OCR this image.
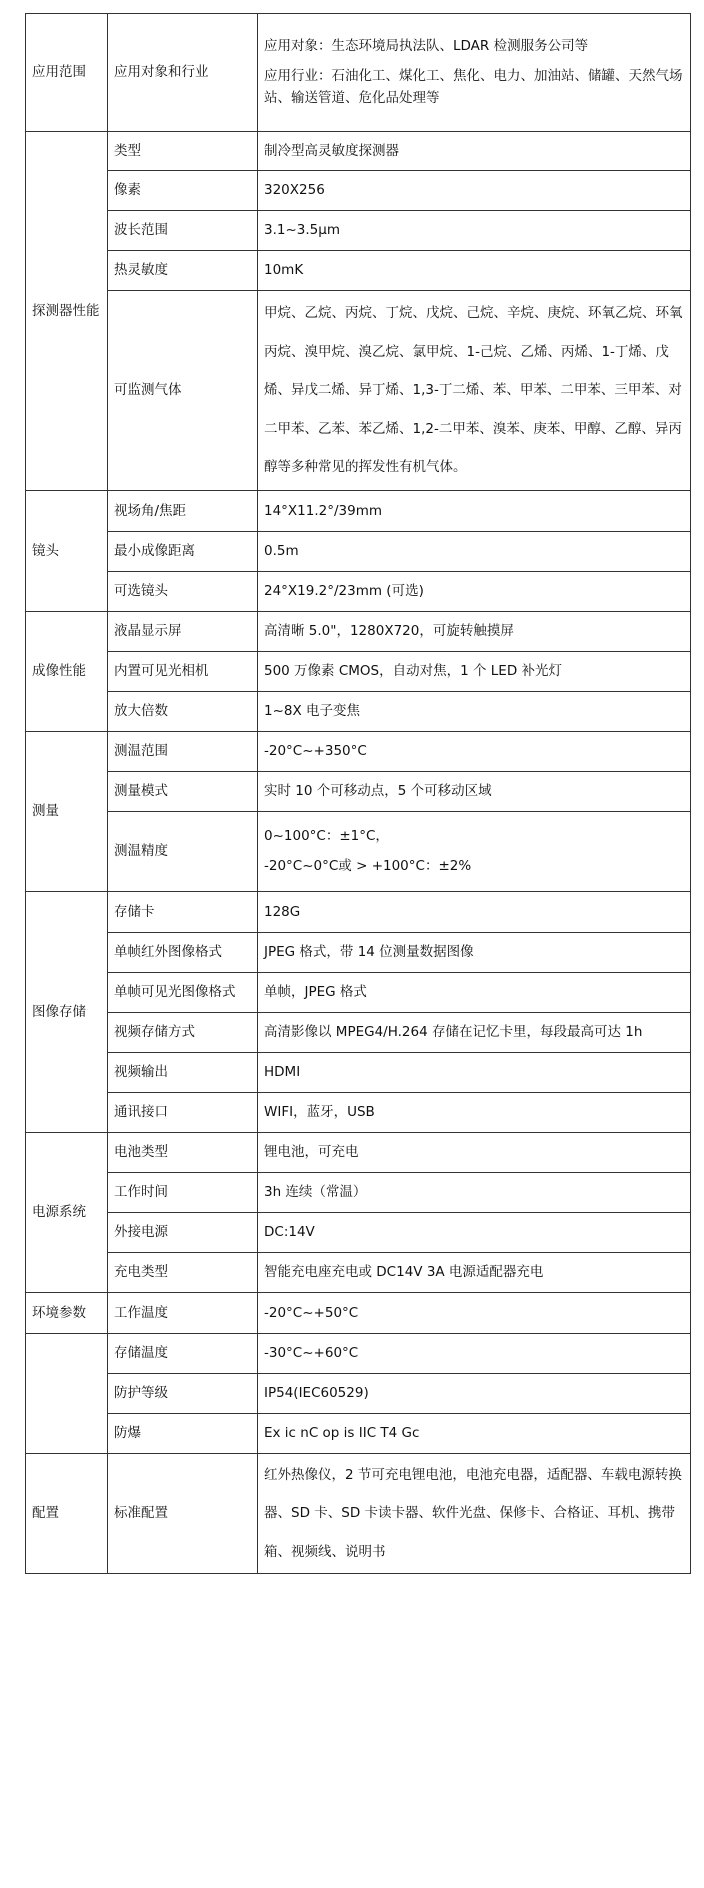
应用范围	应用对象和行业	应用对象：生态环境局执法队、LDAR 检测服务公司等

应用行业：石油化工、煤化工、焦化、电力、加油站、储罐、天然气场站、输送管道、危化品处理等

探测器性能	类型	制冷型高灵敏度探测器
	像素	320X256
	波长范围	3.1~3.5μm
	热灵敏度	10mK
	可监测气体	甲烷、乙烷、丙烷、丁烷、戊烷、己烷、辛烷、庚烷、环氧乙烷、环氧丙烷、溴甲烷、溴乙烷、氯甲烷、1-己烷、乙烯、丙烯、1-丁烯、戊烯、异戊二烯、异丁烯、1,3-丁二烯、苯、甲苯、二甲苯、三甲苯、对二甲苯、乙苯、苯乙烯、1,2-二甲苯、溴苯、庚苯、甲醇、乙醇、异丙醇等多种常见的挥发性有机气体。
镜头	视场角/焦距	14°X11.2°/39mm
	最小成像距离	0.5m
	可选镜头	24°X19.2°/23mm (可选)
成像性能	液晶显示屏	高清晰 5.0"，1280X720，可旋转触摸屏
	内置可见光相机	500 万像素 CMOS，自动对焦，1 个 LED 补光灯
	放大倍数	1~8X 电子变焦
测量	测温范围	-20°C~+350°C
	测量模式	实时 10 个可移动点，5 个可移动区域
	测温精度	0~100°C：±1°C，

-20°C~0°C或 > +100°C：±2%

图像存储	存储卡	128G
	单帧红外图像格式	JPEG 格式，带 14 位测量数据图像
	单帧可见光图像格式	单帧，JPEG 格式
	视频存储方式	高清影像以 MPEG4/H.264 存储在记忆卡里，每段最高可达 1h
	视频输出	HDMI
	通讯接口	WIFI，蓝牙，USB
电源系统	电池类型	锂电池，可充电
	工作时间	3h 连续（常温）
	外接电源	DC:14V
	充电类型	智能充电座充电或 DC14V 3A 电源适配器充电
环境参数	工作温度	-20°C~+50°C
	存储温度	-30°C~+60°C
	防护等级	IP54(IEC60529)
	防爆	Ex ic nC op is IIC T4 Gc
配置	标准配置	红外热像仪，2 节可充电锂电池，电池充电器，适配器、车载电源转换器、SD 卡、SD 卡读卡器、软件光盘、保修卡、合格证、耳机、携带箱、视频线、说明书
